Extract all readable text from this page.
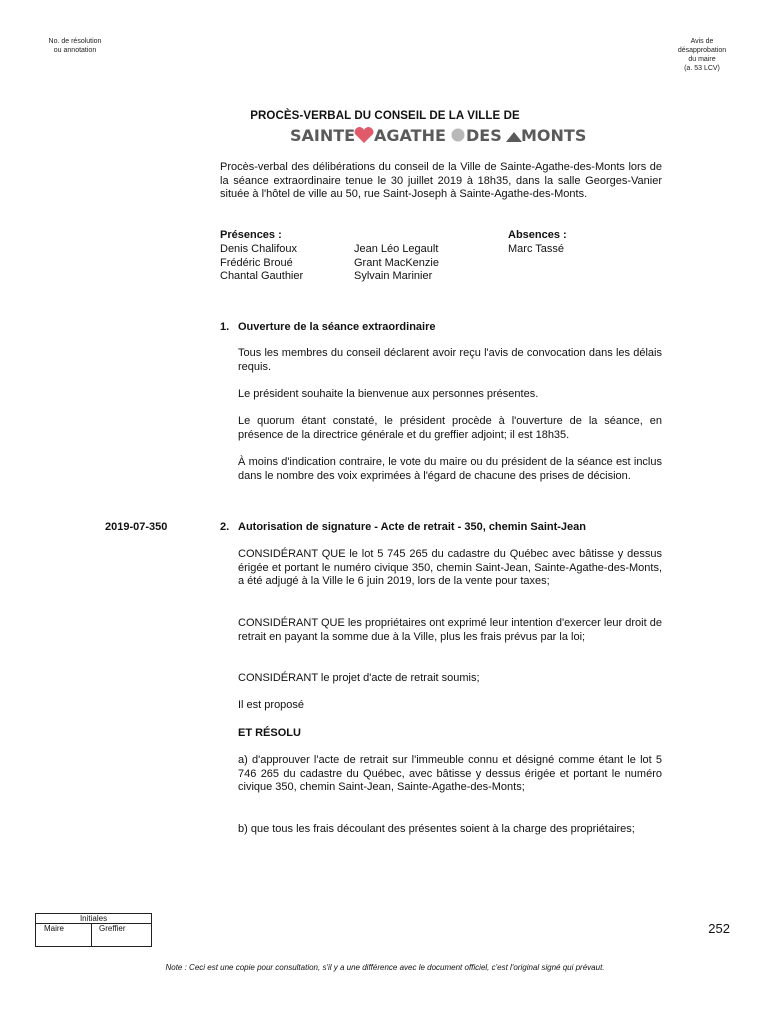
No. de résolution
ou annotation
Avis de
désapprobation
du maire
(a. 53 LCV)
PROCÈS-VERBAL DU CONSEIL DE LA VILLE DE
SAINTE AGATHE DES MONTS
Procès-verbal des délibérations du conseil de la Ville de Sainte-Agathe-des-Monts lors de la séance extraordinaire tenue le 30 juillet 2019 à 18h35, dans la salle Georges-Vanier située à l'hôtel de ville au 50, rue Saint-Joseph à Sainte-Agathe-des-Monts.
Présences :
Denis Chalifoux
Frédéric Broué
Chantal Gauthier
Jean Léo Legault
Grant MacKenzie
Sylvain Marinier
Absences :
Marc Tassé
1. Ouverture de la séance extraordinaire
Tous les membres du conseil déclarent avoir reçu l'avis de convocation dans les délais requis.
Le président souhaite la bienvenue aux personnes présentes.
Le quorum étant constaté, le président procède à l'ouverture de la séance, en présence de la directrice générale et du greffier adjoint; il est 18h35.
À moins d'indication contraire, le vote du maire ou du président de la séance est inclus dans le nombre des voix exprimées à l'égard de chacune des prises de décision.
2019-07-350	2. Autorisation de signature - Acte de retrait - 350, chemin Saint-Jean
CONSIDÉRANT QUE le lot 5 745 265 du cadastre du Québec avec bâtisse y dessus érigée et portant le numéro civique 350, chemin Saint-Jean, Sainte-Agathe-des-Monts, a été adjugé à la Ville le 6 juin 2019, lors de la vente pour taxes;
CONSIDÉRANT QUE les propriétaires ont exprimé leur intention d'exercer leur droit de retrait en payant la somme due à la Ville, plus les frais prévus par la loi;
CONSIDÉRANT le projet d'acte de retrait soumis;
Il est proposé
ET RÉSOLU
a) d'approuver l'acte de retrait sur l'immeuble connu et désigné comme étant le lot 5 746 265 du cadastre du Québec, avec bâtisse y dessus érigée et portant le numéro civique 350, chemin Saint-Jean, Sainte-Agathe-des-Monts;
b) que tous les frais découlant des présentes soient à la charge des propriétaires;
Initiales
Maire	Greffier	252
Note : Ceci est une copie pour consultation, s'il y a une différence avec le document officiel, c'est l'original signé qui prévaut.
